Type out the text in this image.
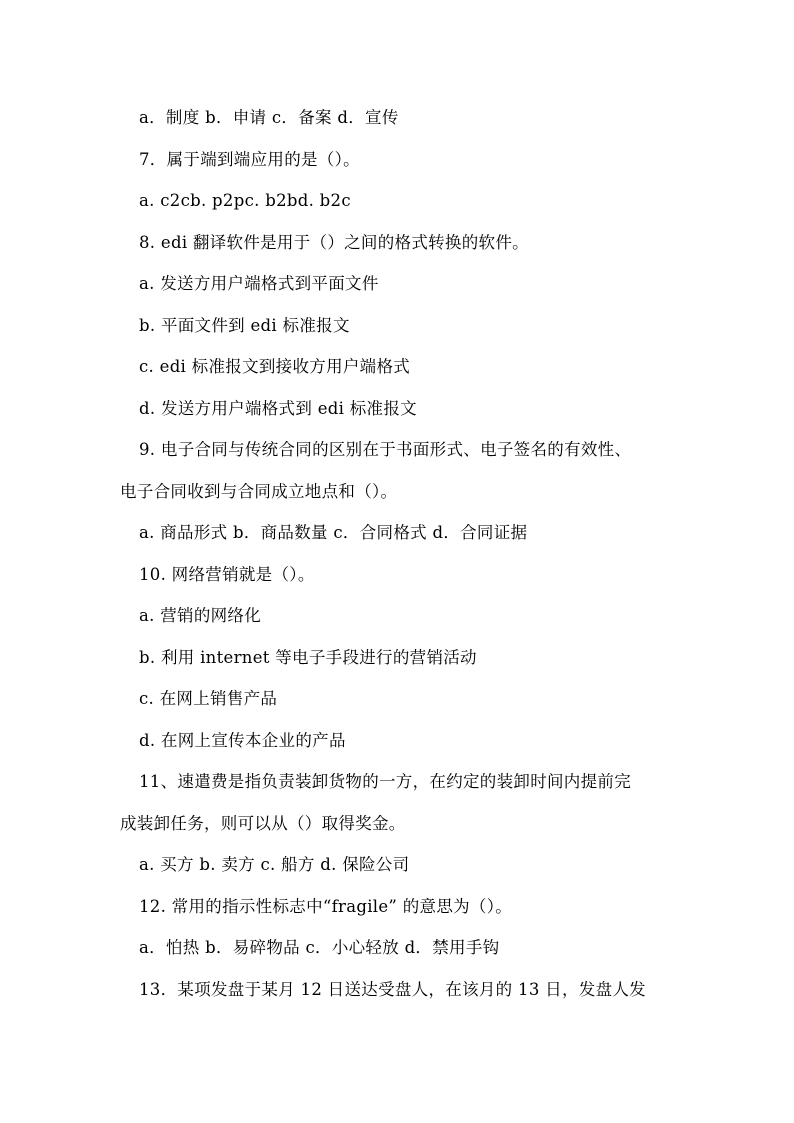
a．制度 b．申请 c．备案 d．宣传
7．属于端到端应用的是（）。
a. c2cb. p2pc. b2bd. b2c
8. edi 翻译软件是用于（）之间的格式转换的软件。
a. 发送方用户端格式到平面文件
b. 平面文件到 edi 标准报文
c. edi 标准报文到接收方用户端格式
d. 发送方用户端格式到 edi 标准报文
9. 电子合同与传统合同的区别在于书面形式、电子签名的有效性、
电子合同收到与合同成立地点和（）。
a. 商品形式 b．商品数量 c．合同格式 d．合同证据
10. 网络营销就是（）。
a. 营销的网络化
b. 利用 internet 等电子手段进行的营销活动
c. 在网上销售产品
d. 在网上宣传本企业的产品
11、速遣费是指负责装卸货物的一方，在约定的装卸时间内提前完
成装卸任务，则可以从（）取得奖金。
a. 买方 b. 卖方 c. 船方 d. 保险公司
12. 常用的指示性标志中“fragile” 的意思为（）。
a．怕热 b．易碎物品 c．小心轻放 d．禁用手钩
13．某项发盘于某月 12 日送达受盘人，在该月的 13 日，发盘人发
